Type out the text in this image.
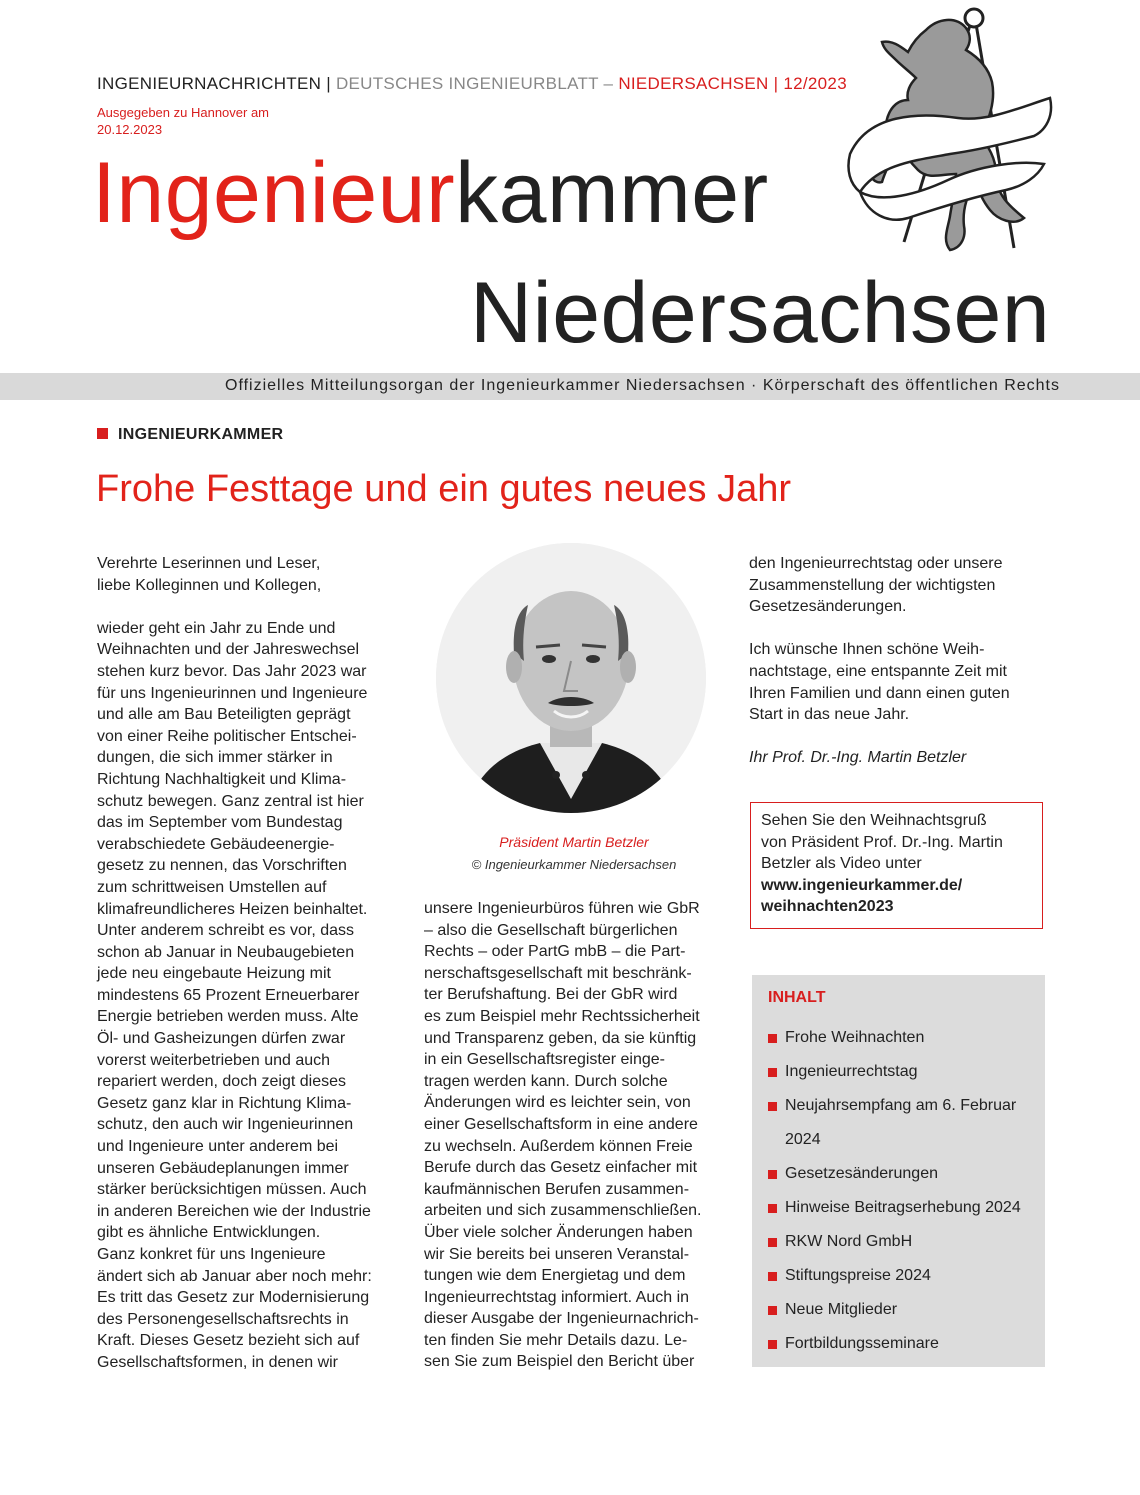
INGENIEURNACHRICHTEN | DEUTSCHES INGENIEURBLATT – NIEDERSACHSEN | 12/2023
Ausgegeben zu Hannover am
20.12.2023
Ingenieurkammer
Niedersachsen
Offizielles Mitteilungsorgan der Ingenieurkammer Niedersachsen · Körperschaft des öffentlichen Rechts
INGENIEURKAMMER
Frohe Festtage und ein gutes neues Jahr

Verehrte Leserinnen und Leser,

liebe Kolleginnen und Kollegen,

wieder geht ein Jahr zu Ende und

Weihnachten und der Jahreswechsel

stehen kurz bevor. Das Jahr 2023 war

für uns Ingenieurinnen und Ingenieure

und alle am Bau Beteiligten geprägt

von einer Reihe politischer Entschei-

dungen, die sich immer stärker in

Richtung Nachhaltigkeit und Klima-

schutz bewegen. Ganz zentral ist hier

das im September vom Bundestag

verabschiedete Gebäudeenergie-

gesetz zu nennen, das Vorschriften

zum schrittweisen Umstellen auf

klimafreundlicheres Heizen beinhaltet.

Unter anderem schreibt es vor, dass

schon ab Januar in Neubaugebieten

jede neu eingebaute Heizung mit

mindestens 65 Prozent Erneuerbarer

Energie betrieben werden muss. Alte

Öl- und Gasheizungen dürfen zwar

vorerst weiterbetrieben und auch

repariert werden, doch zeigt dieses

Gesetz ganz klar in Richtung Klima-

schutz, den auch wir Ingenieurinnen

und Ingenieure unter anderem bei

unseren Gebäudeplanungen immer

stärker berücksichtigen müssen. Auch

in anderen Bereichen wie der Industrie

gibt es ähnliche Entwicklungen.

Ganz konkret für uns Ingenieure

ändert sich ab Januar aber noch mehr:

Es tritt das Gesetz zur Modernisierung

des Personengesellschaftsrechts in

Kraft. Dieses Gesetz bezieht sich auf

Gesellschaftsformen, in denen wir

Präsident Martin Betzler
© Ingenieurkammer Niedersachsen

unsere Ingenieurbüros führen wie GbR

– also die Gesellschaft bürgerlichen

Rechts – oder PartG mbB – die Part-

nerschaftsgesellschaft mit beschränk-

ter Berufshaftung. Bei der GbR wird

es zum Beispiel mehr Rechtssicherheit

und Transparenz geben, da sie künftig

in ein Gesellschaftsregister einge-

tragen werden kann. Durch solche

Änderungen wird es leichter sein, von

einer Gesellschaftsform in eine andere

zu wechseln. Außerdem können Freie

Berufe durch das Gesetz einfacher mit

kaufmännischen Berufen zusammen-

arbeiten und sich zusammenschließen.

Über viele solcher Änderungen haben

wir Sie bereits bei unseren Veranstal-

tungen wie dem Energietag und dem

Ingenieurrechtstag informiert. Auch in

dieser Ausgabe der Ingenieurnachrich-

ten finden Sie mehr Details dazu. Le-

sen Sie zum Beispiel den Bericht über

den Ingenieurrechtstag oder unsere

Zusammenstellung der wichtigsten

Gesetzesänderungen.

Ich wünsche Ihnen schöne Weih-

nachtstage, eine entspannte Zeit mit

Ihren Familien und dann einen guten

Start in das neue Jahr.

Ihr Prof. Dr.-Ing. Martin Betzler

Sehen Sie den Weihnachtsgruß
von Präsident Prof. Dr.-Ing. Martin
Betzler als Video unter
www.ingenieurkammer.de/
weihnachten2023
INHALT
Frohe Weihnachten
Ingenieurrechtstag
Neujahrsempfang am 6. Februar
2024
Gesetzesänderungen
Hinweise Beitragserhebung 2024
RKW Nord GmbH
Stiftungspreise 2024
Neue Mitglieder
Fortbildungsseminare
